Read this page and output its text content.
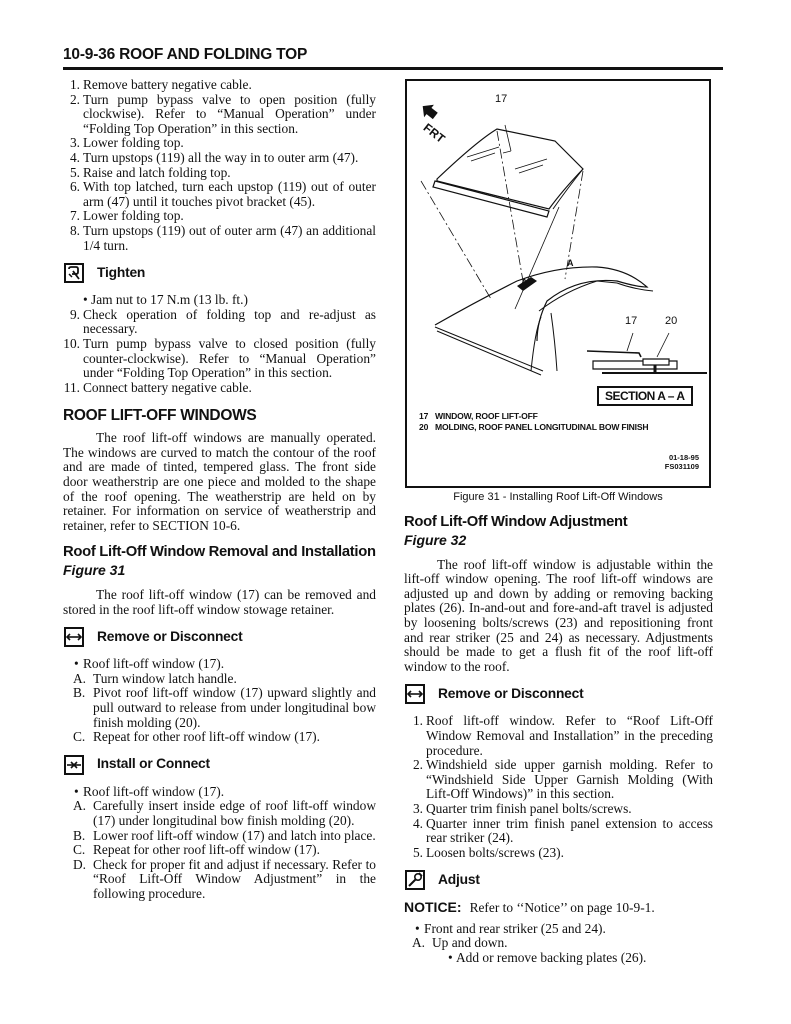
10-9-36 ROOF AND FOLDING TOP
1. Remove battery negative cable.
2. Turn pump bypass valve to open position (fully clockwise). Refer to “Manual Operation” under “Folding Top Operation” in this section.
3. Lower folding top.
4. Turn upstops (119) all the way in to outer arm (47).
5. Raise and latch folding top.
6. With top latched, turn each upstop (119) out of outer arm (47) until it touches pivot bracket (45).
7. Lower folding top.
8. Turn upstops (119) out of outer arm (47) an additional 1/4 turn.
Tighten
• Jam nut to 17 N.m (13 lb. ft.)
9. Check operation of folding top and re-adjust as necessary.
10. Turn pump bypass valve to closed position (fully counter-clockwise). Refer to “Manual Operation” under “Folding Top Operation” in this section.
11. Connect battery negative cable.
ROOF LIFT-OFF WINDOWS

The roof lift-off windows are manually operated. The windows are curved to match the contour of the roof and are made of tinted, tempered glass. The front side door weatherstrip are one piece and molded to the shape of the roof opening. The weatherstrip are held on by retainer. For information on service of weatherstrip and retainer, refer to SECTION 10-6.

Roof Lift-Off Window Removal and Installation
Figure 31

The roof lift-off window (17) can be removed and stored in the roof lift-off window stowage retainer.

Remove or Disconnect
• Roof lift-off window (17).
A. Turn window latch handle.
B. Pivot roof lift-off window (17) upward slightly and pull outward to release from under longitudinal bow finish molding (20).
C. Repeat for other roof lift-off window (17).
Install or Connect
• Roof lift-off window (17).
A. Carefully insert inside edge of roof lift-off window (17) under longitudinal bow finish molding (20).
B. Lower roof lift-off window (17) and latch into place.
C. Repeat for other roof lift-off window (17).
D. Check for proper fit and adjust if necessary. Refer to “Roof Lift-Off Window Adjustment” in the following procedure.
FRT
17
A
A
17	20
SECTION A – A
17 WINDOW, ROOF LIFT-OFF
20 MOLDING, ROOF PANEL LONGITUDINAL BOW FINISH
01-18-95
FS031109
Figure 31 - Installing Roof Lift-Off Windows
Roof Lift-Off Window Adjustment
Figure 32

The roof lift-off window is adjustable within the lift-off window opening. The roof lift-off windows are adjusted up and down by adding or removing backing plates (26). In-and-out and fore-and-aft travel is adjusted by loosening bolts/screws (23) and repositioning front and rear striker (25 and 24) as necessary. Adjustments should be made to get a flush fit of the roof lift-off window to the roof.

Remove or Disconnect
1. Roof lift-off window. Refer to “Roof Lift-Off Window Removal and Installation” in the preceding procedure.
2. Windshield side upper garnish molding. Refer to “Windshield Side Upper Garnish Molding (With Lift-Off Windows)” in this section.
3. Quarter trim finish panel bolts/screws.
4. Quarter inner trim finish panel extension to access rear striker (24).
5. Loosen bolts/screws (23).
Adjust
NOTICE: Refer to ‘‘Notice’’ on page 10-9-1.
• Front and rear striker (25 and 24).
A. Up and down.
• Add or remove backing plates (26).
